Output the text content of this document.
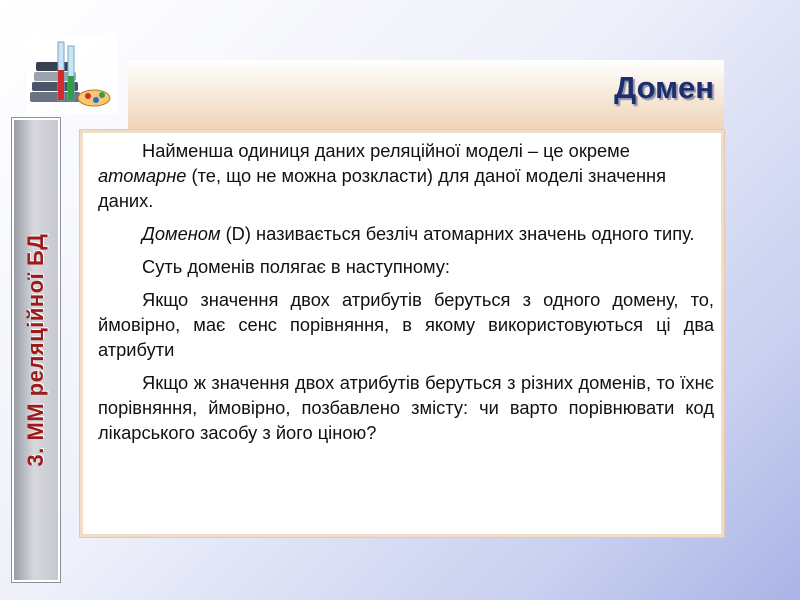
3. ММ реляційної БД
Домен

Найменша одиниця даних реляційної моделі – це окреме атомарне (те, що не можна розкласти) для даної моделі значення даних.

Доменом (D) називається безліч атомарних значень одного типу.

Суть доменів полягає в наступному:

Якщо значення двох атрибутів беруться з одного домену, то, ймовірно, має сенс порівняння, в якому використовуються ці два атрибути

Якщо ж значення двох атрибутів беруться з різних доменів, то їхнє порівняння, ймовірно, позбавлено змісту: чи варто порівнювати код лікарського засобу з його ціною?
